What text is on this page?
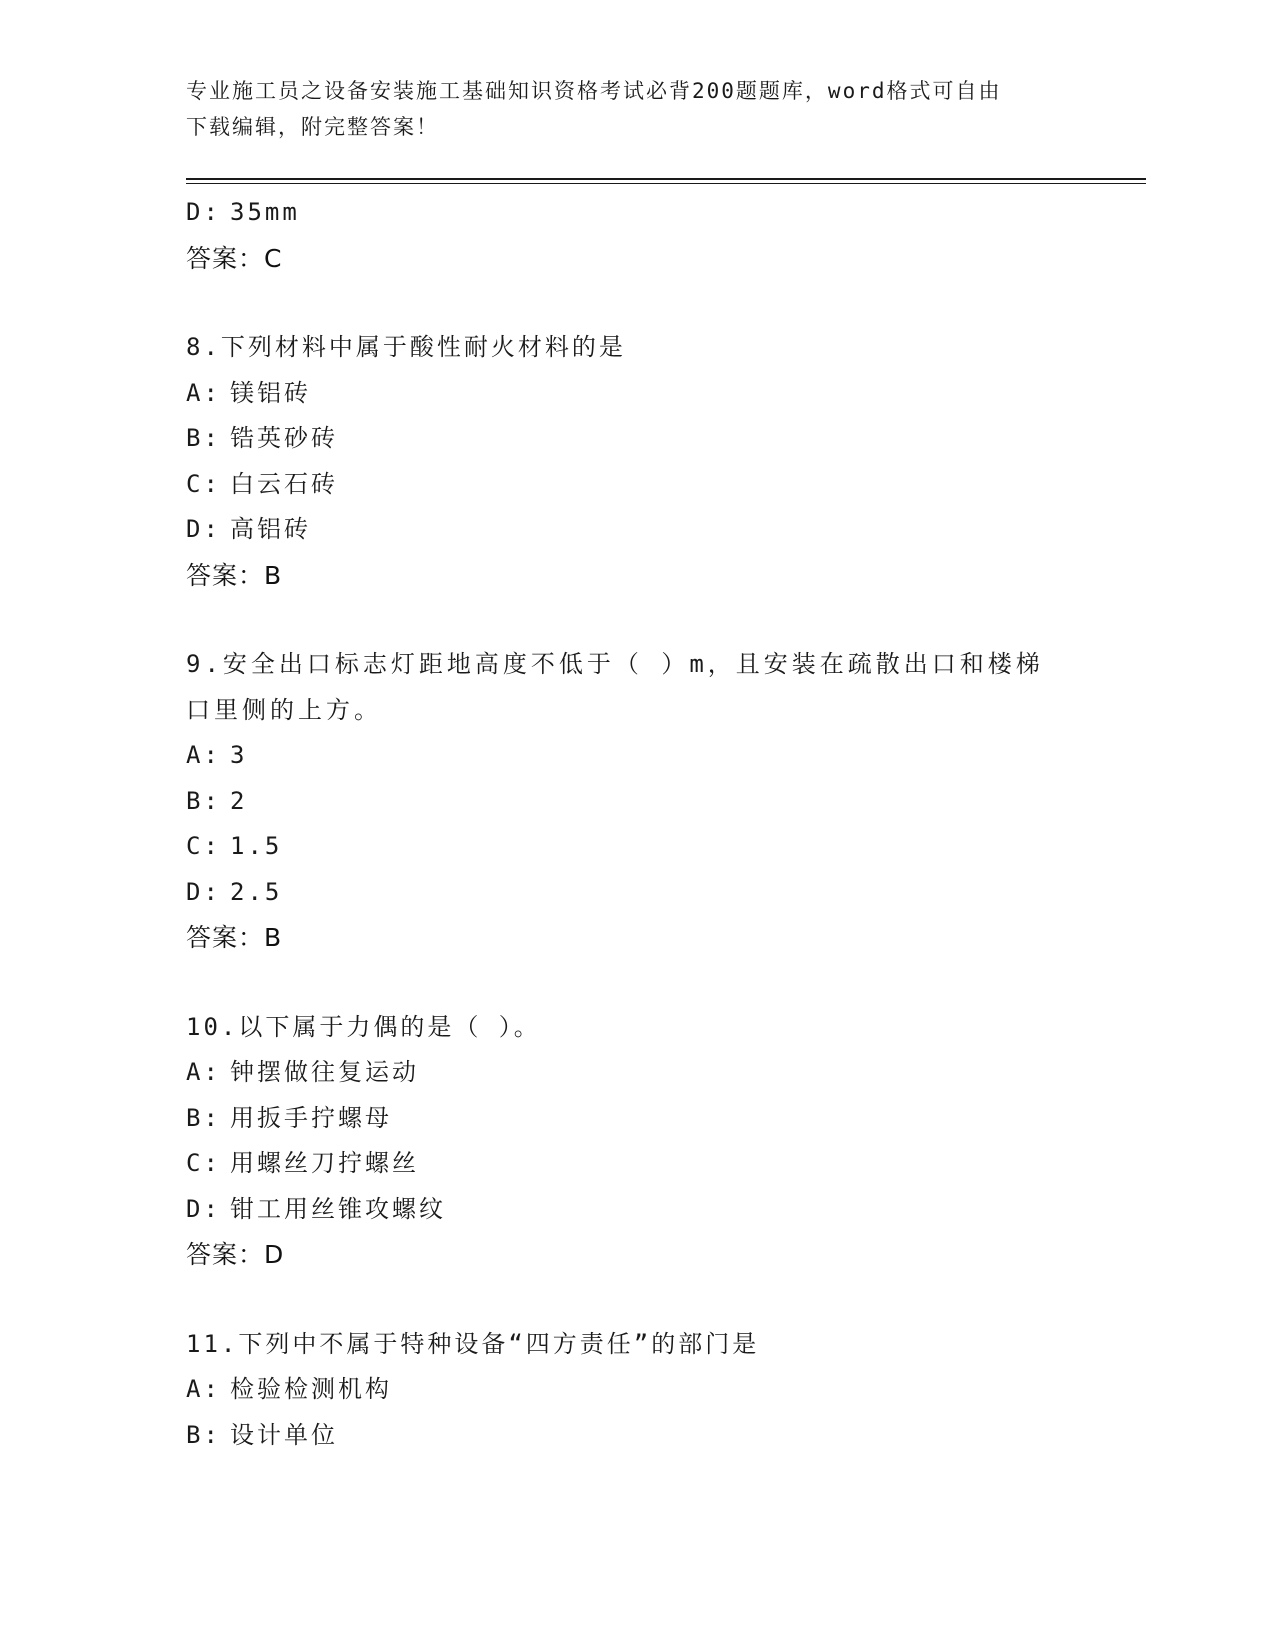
专业施工员之设备安装施工基础知识资格考试必背200题题库，word格式可自由
下载编辑，附完整答案！
D: 35mm
答案：C
8.下列材料中属于酸性耐火材料的是
A: 镁铝砖
B: 锆英砂砖
C: 白云石砖
D: 高铝砖
答案：B
9.安全出口标志灯距地高度不低于（ ）m，且安装在疏散出口和楼梯
口里侧的上方。
A: 3
B: 2
C: 1.5
D: 2.5
答案：B
10.以下属于力偶的是（ ）。
A: 钟摆做往复运动
B: 用扳手拧螺母
C: 用螺丝刀拧螺丝
D: 钳工用丝锥攻螺纹
答案：D
11.下列中不属于特种设备“四方责任”的部门是
A: 检验检测机构
B: 设计单位
